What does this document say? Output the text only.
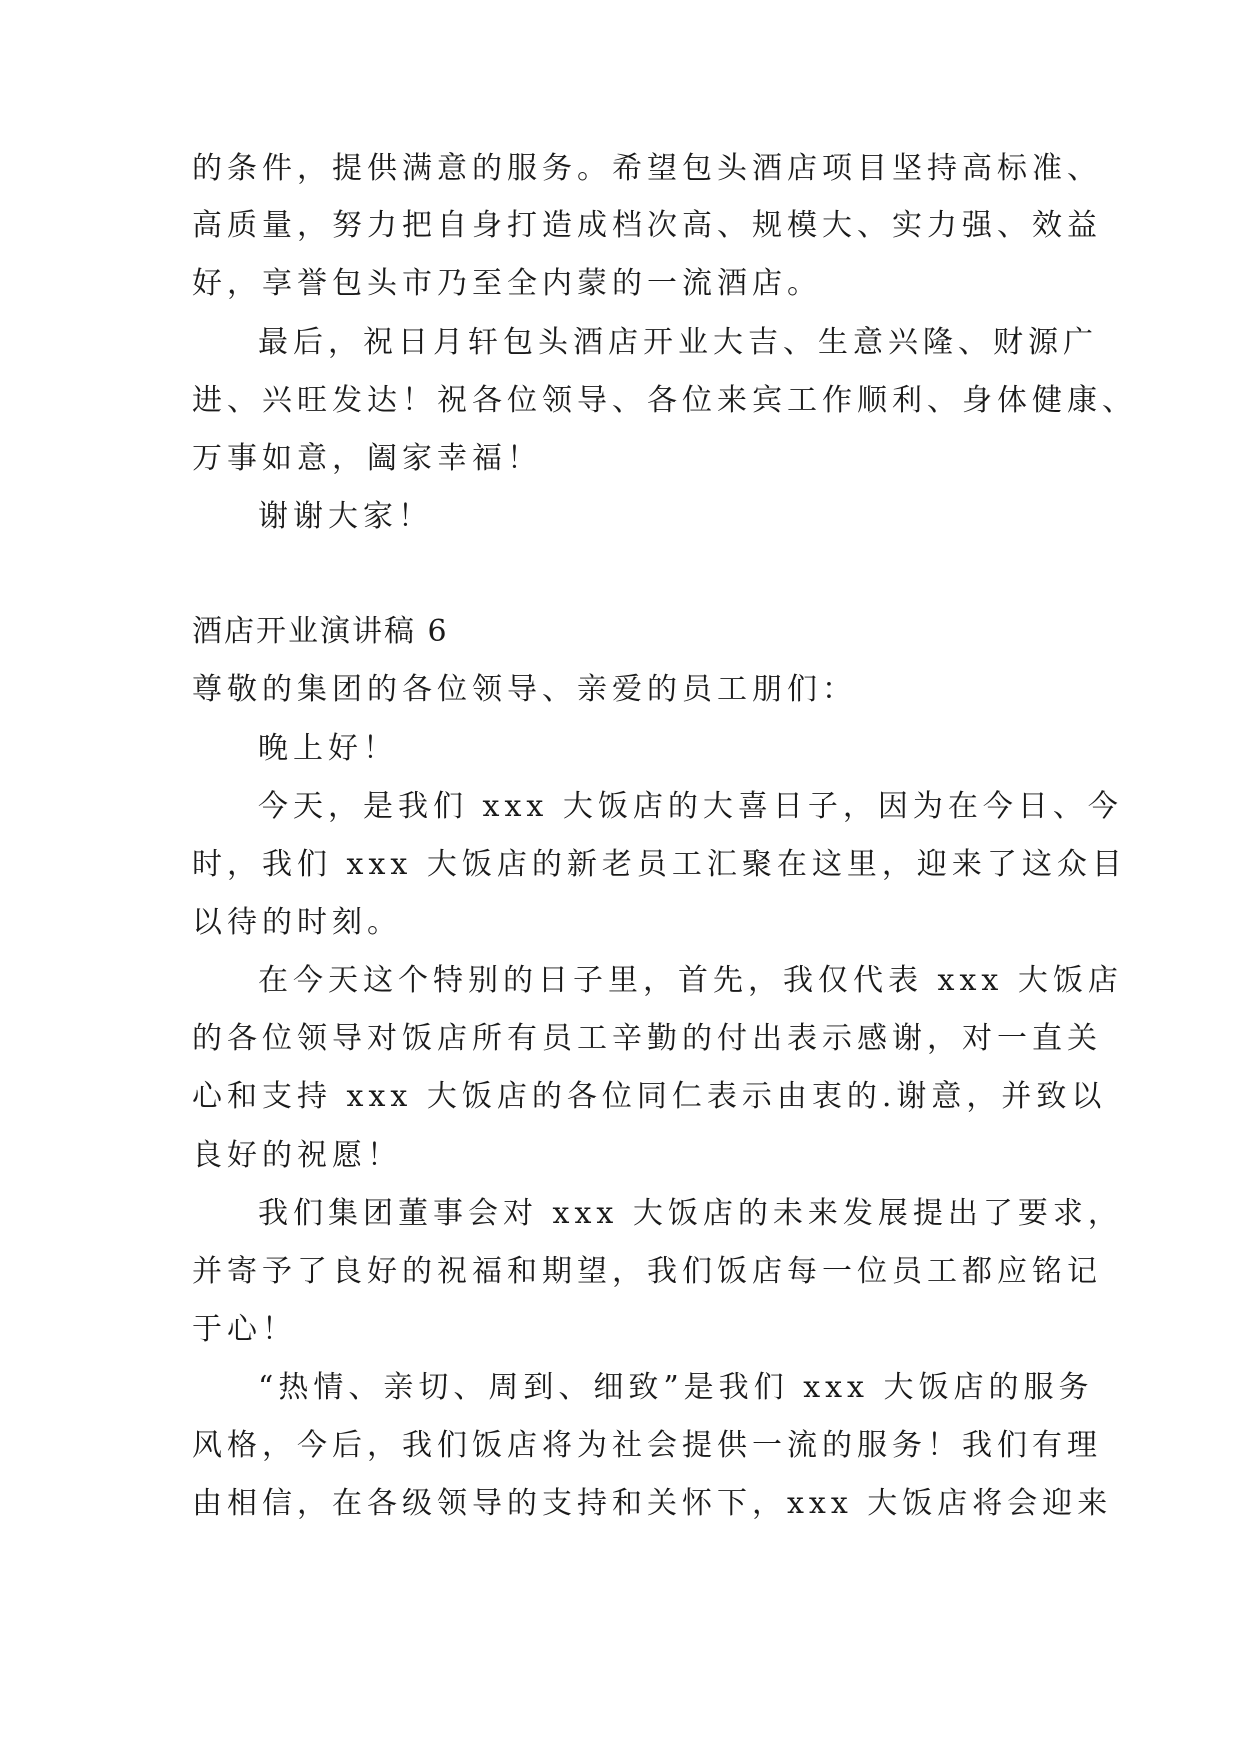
的条件，提供满意的服务。希望包头酒店项目坚持高标准、
高质量，努力把自身打造成档次高、规模大、实力强、效益
好，享誉包头市乃至全内蒙的一流酒店。
最后，祝日月轩包头酒店开业大吉、生意兴隆、财源广
进、兴旺发达！祝各位领导、各位来宾工作顺利、身体健康、
万事如意，阖家幸福！
谢谢大家！
酒店开业演讲稿 6
尊敬的集团的各位领导、亲爱的员工朋们：
晚上好！
今天，是我们 xxx 大饭店的大喜日子，因为在今日、今
时，我们 xxx 大饭店的新老员工汇聚在这里，迎来了这众目
以待的时刻。
在今天这个特别的日子里，首先，我仅代表 xxx 大饭店
的各位领导对饭店所有员工辛勤的付出表示感谢，对一直关
心和支持 xxx 大饭店的各位同仁表示由衷的.谢意，并致以
良好的祝愿！
我们集团董事会对 xxx 大饭店的未来发展提出了要求，
并寄予了良好的祝福和期望，我们饭店每一位员工都应铭记
于心！
“热情、亲切、周到、细致”是我们 xxx 大饭店的服务
风格，今后，我们饭店将为社会提供一流的服务！我们有理
由相信，在各级领导的支持和关怀下，xxx 大饭店将会迎来
